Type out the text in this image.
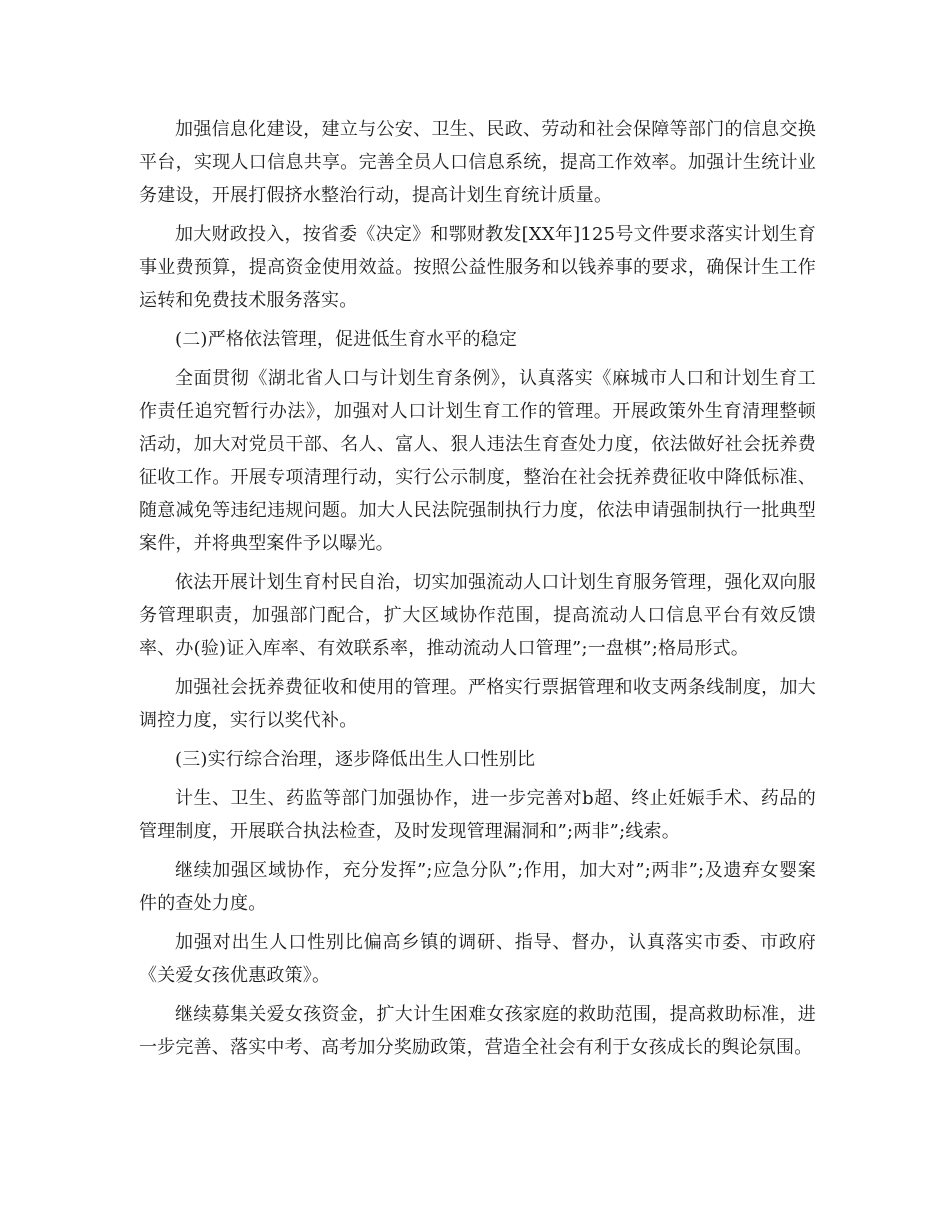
加强信息化建设，建立与公安、卫生、民政、劳动和社会保障等部门的信息交换平台，实现人口信息共享。完善全员人口信息系统，提高工作效率。加强计生统计业务建设，开展打假挤水整治行动，提高计划生育统计质量。

加大财政投入，按省委《决定》和鄂财教发[XX年]125号文件要求落实计划生育事业费预算，提高资金使用效益。按照公益性服务和以钱养事的要求，确保计生工作运转和免费技术服务落实。

(二)严格依法管理，促进低生育水平的稳定

全面贯彻《湖北省人口与计划生育条例》，认真落实《麻城市人口和计划生育工作责任追究暂行办法》，加强对人口计划生育工作的管理。开展政策外生育清理整顿活动，加大对党员干部、名人、富人、狠人违法生育查处力度，依法做好社会抚养费征收工作。开展专项清理行动，实行公示制度，整治在社会抚养费征收中降低标准、随意减免等违纪违规问题。加大人民法院强制执行力度，依法申请强制执行一批典型案件，并将典型案件予以曝光。

依法开展计划生育村民自治，切实加强流动人口计划生育服务管理，强化双向服务管理职责，加强部门配合，扩大区域协作范围，提高流动人口信息平台有效反馈率、办(验)证入库率、有效联系率，推动流动人口管理”;一盘棋”;格局形式。

加强社会抚养费征收和使用的管理。严格实行票据管理和收支两条线制度，加大调控力度，实行以奖代补。

(三)实行综合治理，逐步降低出生人口性别比

计生、卫生、药监等部门加强协作，进一步完善对b超、终止妊娠手术、药品的管理制度，开展联合执法检查，及时发现管理漏洞和”;两非”;线索。

继续加强区域协作，充分发挥”;应急分队”;作用，加大对”;两非”;及遗弃女婴案件的查处力度。

加强对出生人口性别比偏高乡镇的调研、指导、督办，认真落实市委、市政府《关爱女孩优惠政策》。

继续募集关爱女孩资金，扩大计生困难女孩家庭的救助范围，提高救助标准，进一步完善、落实中考、高考加分奖励政策，营造全社会有利于女孩成长的舆论氛围。
